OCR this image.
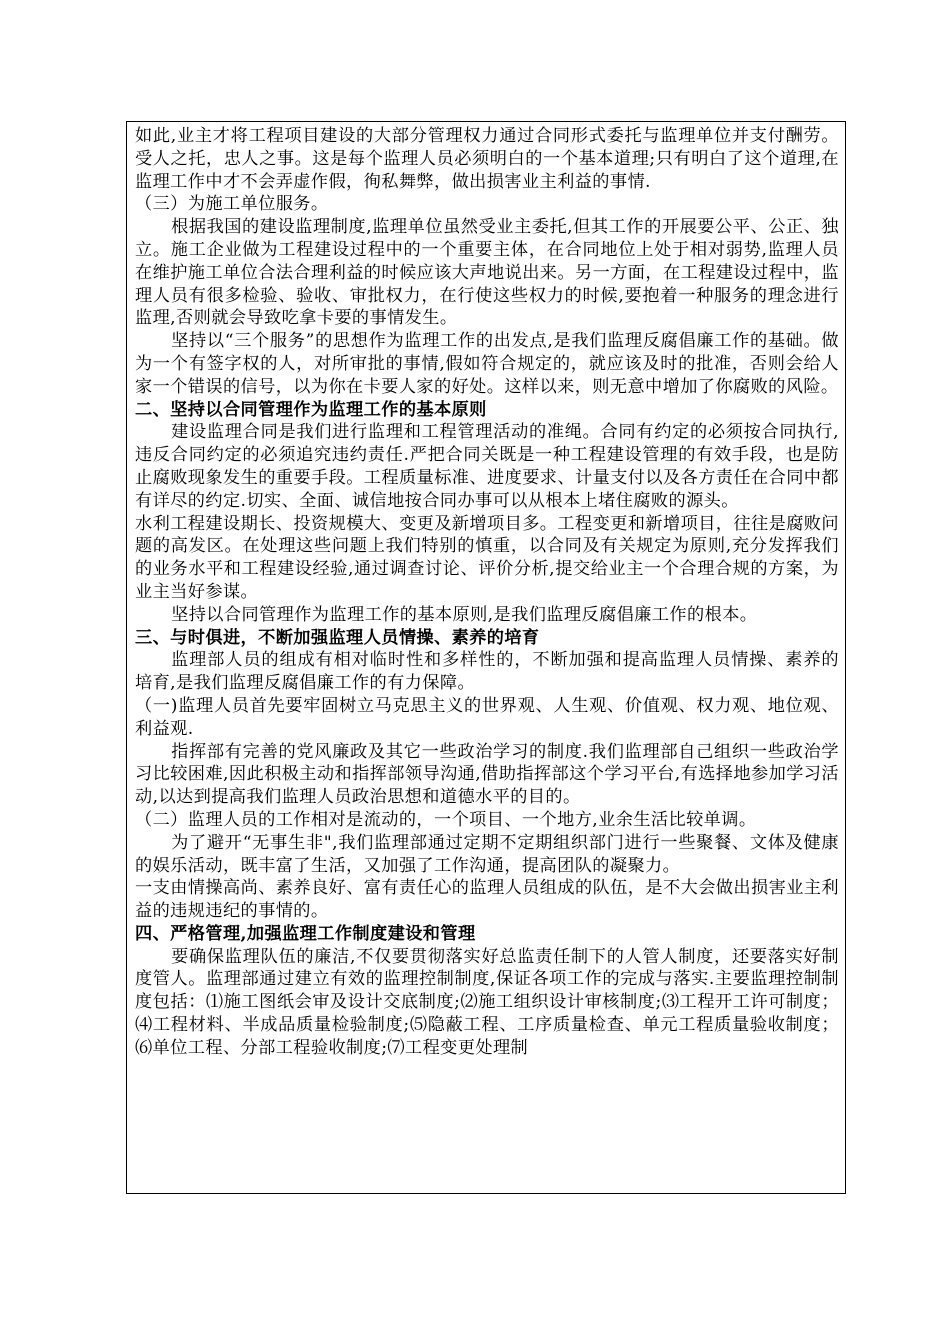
如此,业主才将工程项目建设的大部分管理权力通过合同形式委托与监理单位并支付酬劳。受人之托，忠人之事。这是每个监理人员必须明白的一个基本道理;只有明白了这个道理,在监理工作中才不会弄虚作假，徇私舞弊，做出损害业主利益的事情.

（三）为施工单位服务。

根据我国的建设监理制度,监理单位虽然受业主委托,但其工作的开展要公平、公正、独立。施工企业做为工程建设过程中的一个重要主体，在合同地位上处于相对弱势,监理人员在维护施工单位合法合理利益的时候应该大声地说出来。另一方面，在工程建设过程中，监理人员有很多检验、验收、审批权力，在行使这些权力的时候,要抱着一种服务的理念进行监理,否则就会导致吃拿卡要的事情发生。

坚持以“三个服务”的思想作为监理工作的出发点,是我们监理反腐倡廉工作的基础。做为一个有签字权的人，对所审批的事情,假如符合规定的，就应该及时的批准，否则会给人家一个错误的信号，以为你在卡要人家的好处。这样以来，则无意中增加了你腐败的风险。

二、坚持以合同管理作为监理工作的基本原则

建设监理合同是我们进行监理和工程管理活动的准绳。合同有约定的必须按合同执行,违反合同约定的必须追究违约责任.严把合同关既是一种工程建设管理的有效手段，也是防止腐败现象发生的重要手段。工程质量标准、进度要求、计量支付以及各方责任在合同中都有详尽的约定.切实、全面、诚信地按合同办事可以从根本上堵住腐败的源头。

水利工程建设期长、投资规模大、变更及新增项目多。工程变更和新增项目，往往是腐败问题的高发区。在处理这些问题上我们特别的慎重，以合同及有关规定为原则,充分发挥我们的业务水平和工程建设经验,通过调查讨论、评价分析,提交给业主一个合理合规的方案，为业主当好参谋。

坚持以合同管理作为监理工作的基本原则,是我们监理反腐倡廉工作的根本。

三、与时俱进，不断加强监理人员情操、素养的培育

监理部人员的组成有相对临时性和多样性的，不断加强和提高监理人员情操、素养的培育,是我们监理反腐倡廉工作的有力保障。

（一)监理人员首先要牢固树立马克思主义的世界观、人生观、价值观、权力观、地位观、利益观.

指挥部有完善的党风廉政及其它一些政治学习的制度.我们监理部自己组织一些政治学习比较困难,因此积极主动和指挥部领导沟通,借助指挥部这个学习平台,有选择地参加学习活动,以达到提高我们监理人员政治思想和道德水平的目的。

（二）监理人员的工作相对是流动的，一个项目、一个地方,业余生活比较单调。

为了避开“无事生非",我们监理部通过定期不定期组织部门进行一些聚餐、文体及健康的娱乐活动，既丰富了生活，又加强了工作沟通，提高团队的凝聚力。

一支由情操高尚、素养良好、富有责任心的监理人员组成的队伍，是不大会做出损害业主利益的违规违纪的事情的。

四、严格管理,加强监理工作制度建设和管理

要确保监理队伍的廉洁,不仅要贯彻落实好总监责任制下的人管人制度，还要落实好制度管人。监理部通过建立有效的监理控制制度,保证各项工作的完成与落实.主要监理控制制度包括：⑴施工图纸会审及设计交底制度;⑵施工组织设计审核制度;⑶工程开工许可制度；⑷工程材料、半成品质量检验制度;⑸隐蔽工程、工序质量检查、单元工程质量验收制度；⑹单位工程、分部工程验收制度;⑺工程变更处理制
